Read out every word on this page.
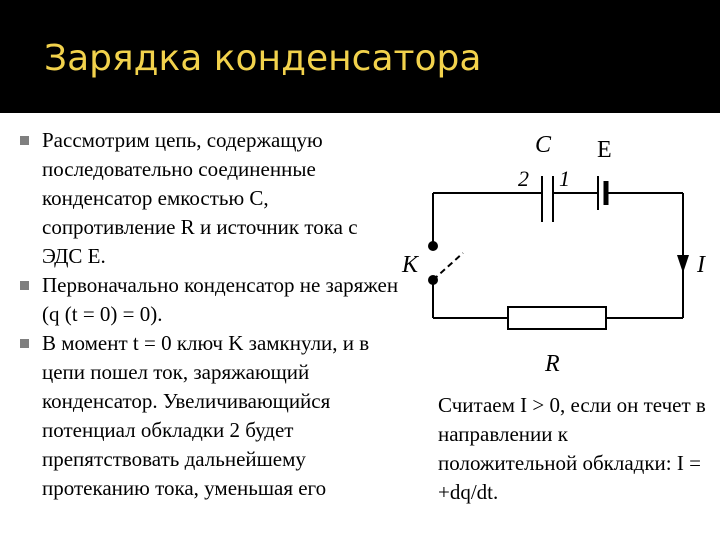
Зарядка конденсатора
Рассмотрим цепь, содержащую последовательно соединенные конденсатор емкостью C, сопротивление R и источник тока с ЭДС Е.
Первоначально конденсатор не заряжен (q (t = 0) = 0).
В момент t = 0 ключ K замкнули, и в цепи пошел ток, заряжающий конденсатор. Увеличивающийся потенциал обкладки 2 будет препятствовать дальнейшему протеканию тока, уменьшая его
C E
2 1
K	I
R
Считаем I > 0, если он течет в направлении к положительной обкладки: I = +dq/dt.
